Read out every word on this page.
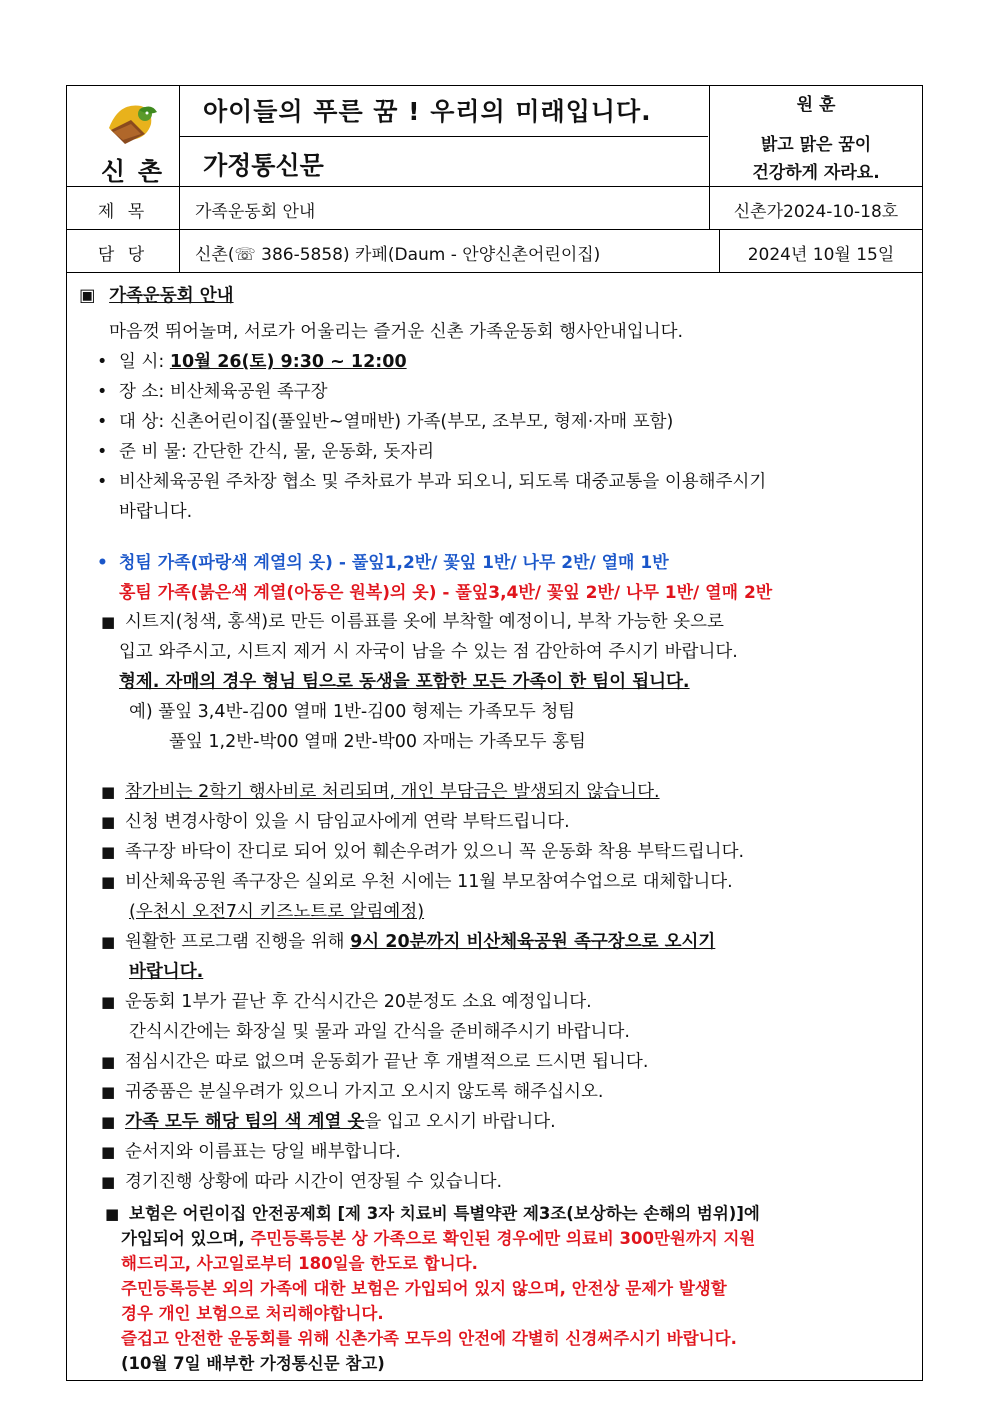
신 촌
아이들의 푸른 꿈 ! 우리의 미래입니다.
가정통신문
원 훈
밝고 맑은 꿈이
건강하게 자라요.
제 목	가족운동회 안내	신촌가2024-10-18호
담 당	신촌(☏ 386-5858) 카페(Daum - 안양신촌어린이집)	2024년 10월 15일
▣ 가족운동회 안내
마음껏 뛰어놀며, 서로가 어울리는 즐거운 신촌 가족운동회 행사안내입니다.
• 일 시: 10월 26(토) 9:30 ~ 12:00
• 장 소: 비산체육공원 족구장
• 대 상: 신촌어린이집(풀잎반~열매반) 가족(부모, 조부모, 형제·자매 포함)
• 준 비 물: 간단한 간식, 물, 운동화, 돗자리
• 비산체육공원 주차장 협소 및 주차료가 부과 되오니, 되도록 대중교통을 이용해주시기
바랍니다.
• 청팀 가족(파랑색 계열의 옷) - 풀잎1,2반/ 꽃잎 1반/ 나무 2반/ 열매 1반
홍팀 가족(붉은색 계열(아동은 원복)의 옷) - 풀잎3,4반/ 꽃잎 2반/ 나무 1반/ 열매 2반
■ 시트지(청색, 홍색)로 만든 이름표를 옷에 부착할 예정이니, 부착 가능한 옷으로
입고 와주시고, 시트지 제거 시 자국이 남을 수 있는 점 감안하여 주시기 바랍니다.
형제. 자매의 경우 형님 팀으로 동생을 포함한 모든 가족이 한 팀이 됩니다.
예) 풀잎 3,4반-김00 열매 1반-김00 형제는 가족모두 청팀
풀잎 1,2반-박00 열매 2반-박00 자매는 가족모두 홍팀
■ 참가비는 2학기 행사비로 처리되며, 개인 부담금은 발생되지 않습니다.
■ 신청 변경사항이 있을 시 담임교사에게 연락 부탁드립니다.
■ 족구장 바닥이 잔디로 되어 있어 훼손우려가 있으니 꼭 운동화 착용 부탁드립니다.
■ 비산체육공원 족구장은 실외로 우천 시에는 11월 부모참여수업으로 대체합니다.
(우천시 오전7시 키즈노트로 알림예정)
■ 원활한 프로그램 진행을 위해 9시 20분까지 비산체육공원 족구장으로 오시기
바랍니다.
■ 운동회 1부가 끝난 후 간식시간은 20분정도 소요 예정입니다.
간식시간에는 화장실 및 물과 과일 간식을 준비해주시기 바랍니다.
■ 점심시간은 따로 없으며 운동회가 끝난 후 개별적으로 드시면 됩니다.
■ 귀중품은 분실우려가 있으니 가지고 오시지 않도록 해주십시오.
■ 가족 모두 해당 팀의 색 계열 옷을 입고 오시기 바랍니다.
■ 순서지와 이름표는 당일 배부합니다.
■ 경기진행 상황에 따라 시간이 연장될 수 있습니다.
■ 보험은 어린이집 안전공제회 [제 3자 치료비 특별약관 제3조(보상하는 손해의 범위)]에
가입되어 있으며, 주민등록등본 상 가족으로 확인된 경우에만 의료비 300만원까지 지원
해드리고, 사고일로부터 180일을 한도로 합니다.
주민등록등본 외의 가족에 대한 보험은 가입되어 있지 않으며, 안전상 문제가 발생할
경우 개인 보험으로 처리해야합니다.
즐겁고 안전한 운동회를 위해 신촌가족 모두의 안전에 각별히 신경써주시기 바랍니다.
(10월 7일 배부한 가정통신문 참고)
